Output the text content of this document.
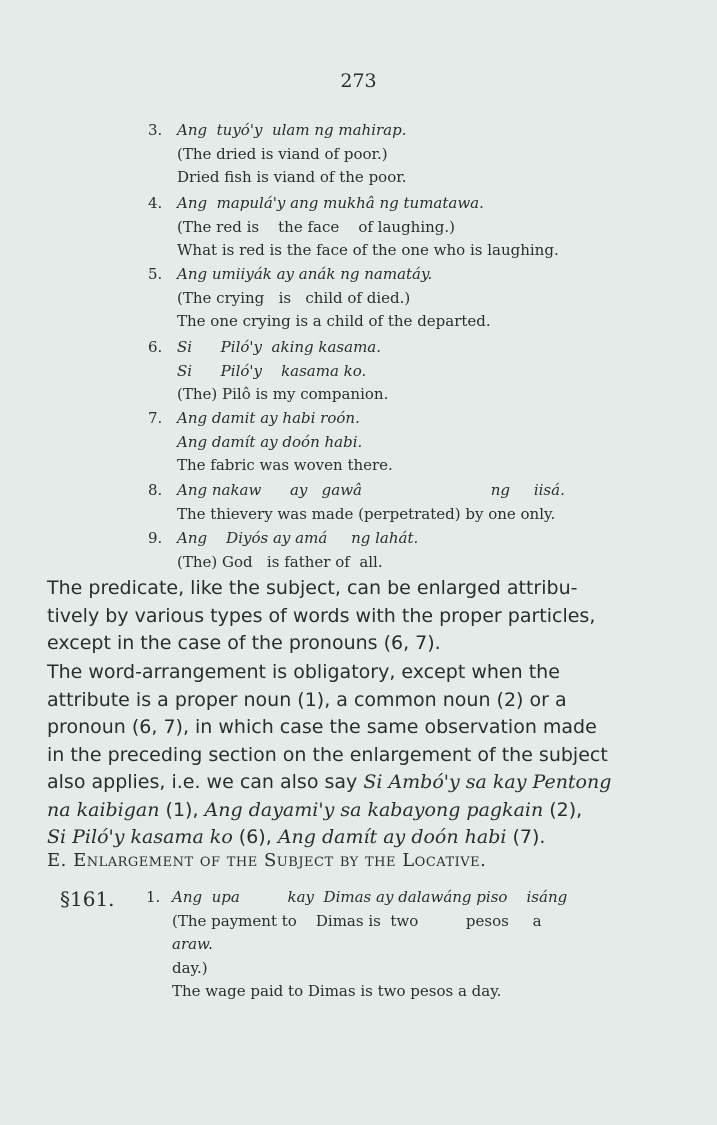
273
3. Ang  tuyó'y  ulam ng mahirap.
(The dried is viand of poor.)
Dried fish is viand of the poor.
4. Ang  mapulá'y ang mukhâ ng tumatawa.
(The red is    the face    of laughing.)
What is red is the face of the one who is laughing.
5. Ang umiiyák ay anák ng namatáy.
(The crying   is   child of died.)
The one crying is a child of the departed.
6. Si      Piló'y  aking kasama.
Si      Piló'y    kasama ko.
(The) Pilô is my companion.
7. Ang damit ay habi roón.
Ang damít ay doón habi.
The fabric was woven there.
8. Ang nakaw      ay   gawâ                           ng     iisá.
The thievery was made (perpetrated) by one only.
9. Ang    Diyós ay amá     ng lahát.
(The) God   is father of  all.
The predicate, like the subject, can be enlarged attribu-
tively by various types of words with the proper particles,
except in the case of the pronouns (6, 7).
The word-arrangement is obligatory, except when the
attribute is a proper noun (1), a common noun (2) or a
pronoun (6, 7), in which case the same observation made
in the preceding section on the enlargement of the subject
also applies, i.e. we can also say Si Ambó'y sa kay Pentong
na kaibigan (1), Ang dayami'y sa kabayong pagkain (2),
Si Piló'y kasama ko (6), Ang damít ay doón habi (7).
E. Enlargement of the Subject by the Locative.
§161. 1. Ang  upa          kay  Dimas ay dalawáng piso    isáng
(The payment to    Dimas is  two          pesos     a
araw.
day.)
The wage paid to Dimas is two pesos a day.
